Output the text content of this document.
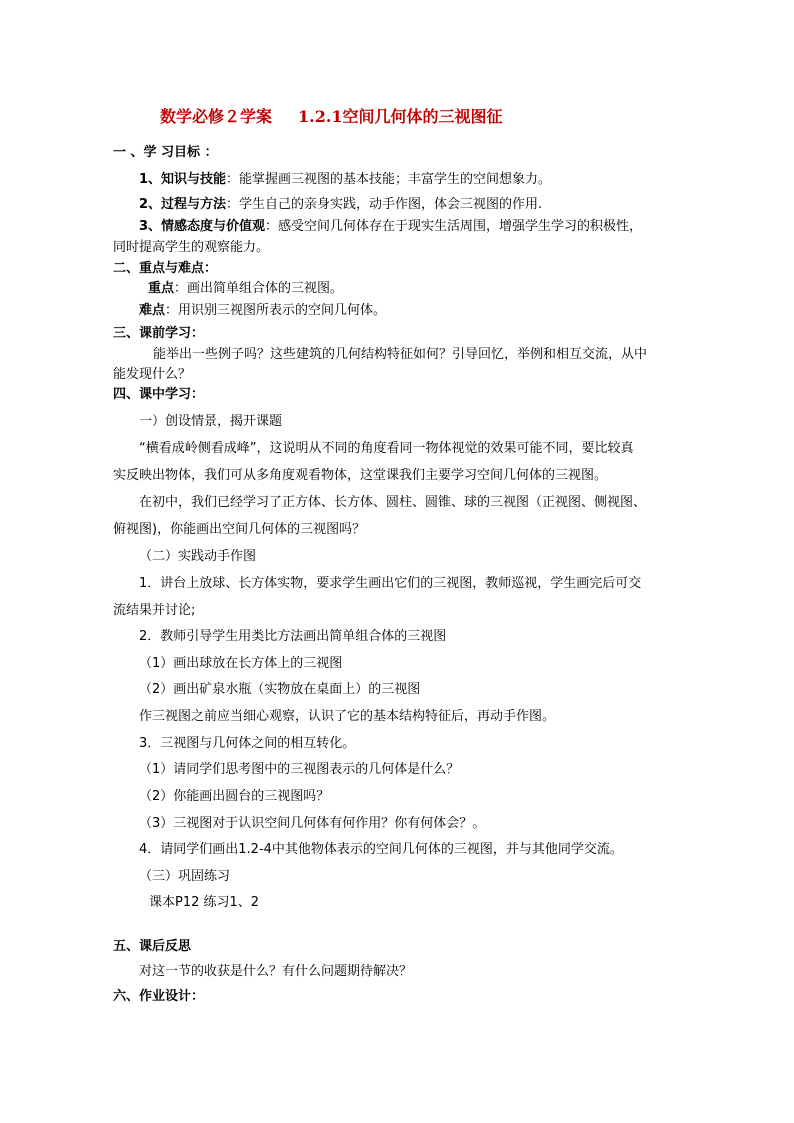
数学必修２学案 1.2.1空间几何体的三视图征
一 、学 习目标 ：
1、知识与技能：能掌握画三视图的基本技能；丰富学生的空间想象力。
2、过程与方法：学生自己的亲身实践，动手作图，体会三视图的作用.
3、情感态度与价值观：感受空间几何体存在于现实生活周围，增强学生学习的积极性，
同时提高学生的观察能力。
二、重点与难点：
重点：画出简单组合体的三视图。
难点：用识别三视图所表示的空间几何体。
三、课前学习：
能举出一些例子吗？这些建筑的几何结构特征如何？引导回忆，举例和相互交流，从中
能发现什么？
四、课中学习：
一）创设情景，揭开课题
“横看成岭侧看成峰”，这说明从不同的角度看同一物体视觉的效果可能不同，要比较真
实反映出物体，我们可从多角度观看物体，这堂课我们主要学习空间几何体的三视图。
在初中，我们已经学习了正方体、长方体、圆柱、圆锥、球的三视图（正视图、侧视图、
俯视图)，你能画出空间几何体的三视图吗？
（二）实践动手作图
1．讲台上放球、长方体实物，要求学生画出它们的三视图，教师巡视，学生画完后可交
流结果并讨论;
2．教师引导学生用类比方法画出简单组合体的三视图
（1）画出球放在长方体上的三视图
（2）画出矿泉水瓶（实物放在桌面上）的三视图
作三视图之前应当细心观察，认识了它的基本结构特征后，再动手作图。
3．三视图与几何体之间的相互转化。
（1）请同学们思考图中的三视图表示的几何体是什么？
（2）你能画出圆台的三视图吗？
（3）三视图对于认识空间几何体有何作用？你有何体会？。
4．请同学们画出1.2-4中其他物体表示的空间几何体的三视图，并与其他同学交流。
（三）巩固练习
课本P12 练习1、2
五、课后反思
对这一节的收获是什么？有什么问题期待解决？
六、作业设计：
